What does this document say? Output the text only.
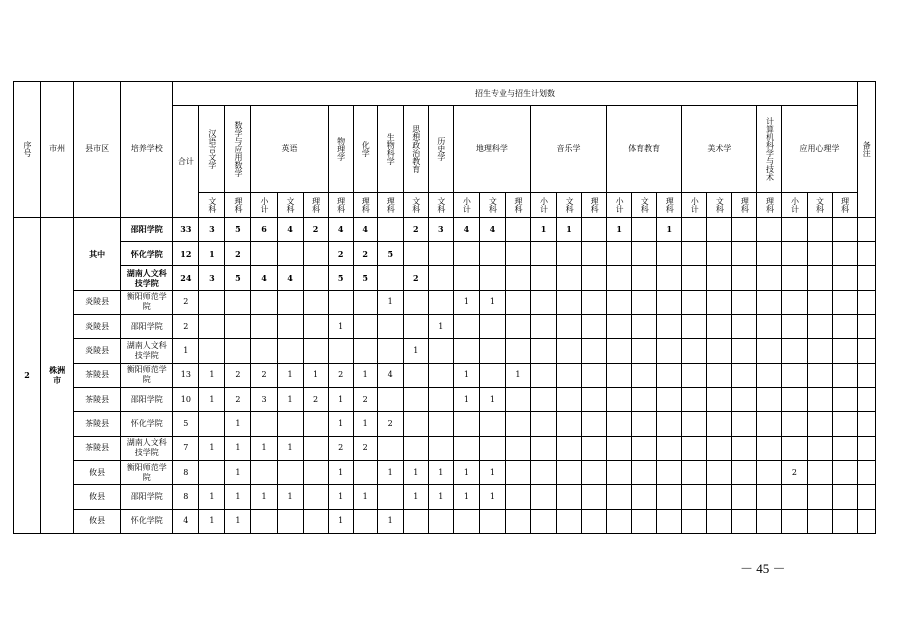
序号	市州	县市区	培养学校	招生专业与招生计划数																											备注
				合计	汉语言文学	数学与应用数学	英语			物理学	化学	生物科学	思想政治教育	历史学	地理科学			音乐学			体育教育			美术学			计算机科学与技术	应用心理学			
					文科	理科	小计	文科	理科	理科	理科	理科	文科	文科	小计	文科	理科	小计	文科	理科	小计	文科	理科	小计	文科	理科	理科	小计	文科	理科	
2	株洲市	其中	邵阳学院	33	3	5	6	4	2	4	4		2	3	4	4		1	1		1		1								
			怀化学院	12	1	2				2	2	5																			
			湖南人文科技学院	24	3	5	4	4		5	5		2																		
		炎陵县	衡阳师范学院	2								1			1	1															
		炎陵县	邵阳学院	2						1				1																	
		炎陵县	湖南人文科技学院	1									1																		
		茶陵县	衡阳师范学院	13	1	2	2	1	1	2	1	4			1		1														
		茶陵县	邵阳学院	10	1	2	3	1	2	1	2				1	1															
		茶陵县	怀化学院	5		1				1	1	2																			
		茶陵县	湖南人文科技学院	7	1	1	1	1		2	2																				
		攸县	衡阳师范学院	8		1				1		1	1	1	1	1												2			
		攸县	邵阳学院	8	1	1	1	1		1	1		1	1	1	1															
		攸县	怀化学院	4	1	1				1		1																			
－ 45 －
